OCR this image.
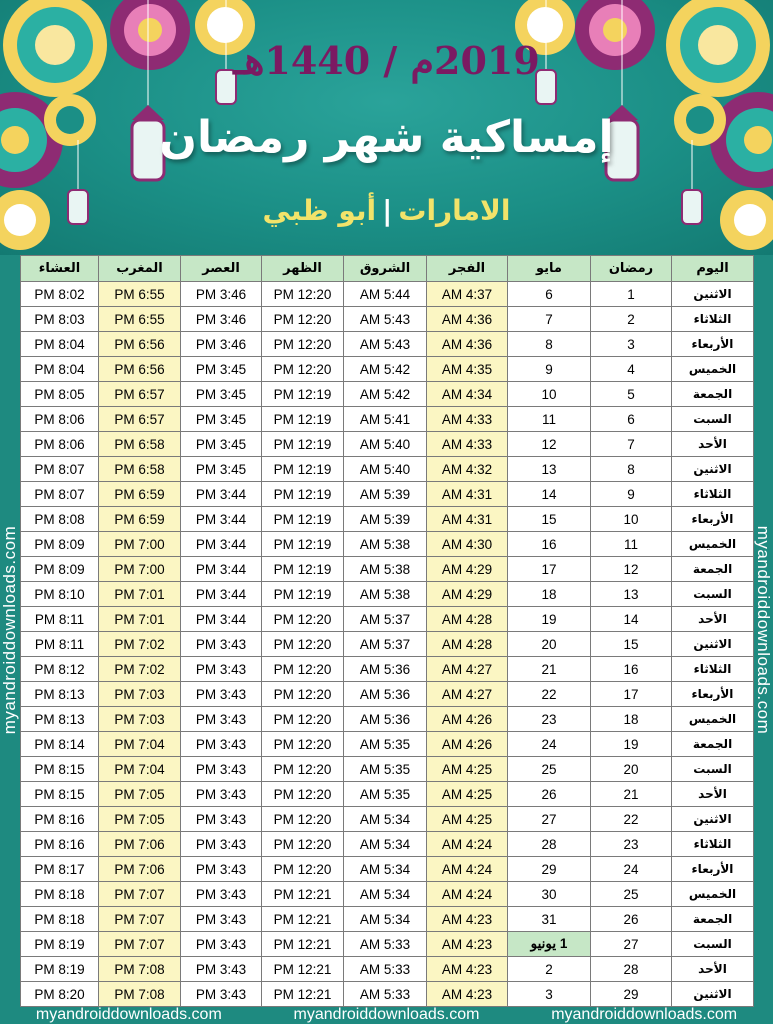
2019م / 1440هـ
إمساكية شهر رمضان
الامارات|أبو ظبي
myandroiddownloads.com	myandroiddownloads.com
اليوم	رمضان	مايو	الفجر	الشروق	الظهر	العصر	المغرب	العشاء
الاثنين	1	6	4:37 AM	5:44 AM	12:20 PM	3:46 PM	6:55 PM	8:02 PM
الثلاثاء	2	7	4:36 AM	5:43 AM	12:20 PM	3:46 PM	6:55 PM	8:03 PM
الأربعاء	3	8	4:36 AM	5:43 AM	12:20 PM	3:46 PM	6:56 PM	8:04 PM
الخميس	4	9	4:35 AM	5:42 AM	12:20 PM	3:45 PM	6:56 PM	8:04 PM
الجمعة	5	10	4:34 AM	5:42 AM	12:19 PM	3:45 PM	6:57 PM	8:05 PM
السبت	6	11	4:33 AM	5:41 AM	12:19 PM	3:45 PM	6:57 PM	8:06 PM
الأحد	7	12	4:33 AM	5:40 AM	12:19 PM	3:45 PM	6:58 PM	8:06 PM
الاثنين	8	13	4:32 AM	5:40 AM	12:19 PM	3:45 PM	6:58 PM	8:07 PM
الثلاثاء	9	14	4:31 AM	5:39 AM	12:19 PM	3:44 PM	6:59 PM	8:07 PM
الأربعاء	10	15	4:31 AM	5:39 AM	12:19 PM	3:44 PM	6:59 PM	8:08 PM
الخميس	11	16	4:30 AM	5:38 AM	12:19 PM	3:44 PM	7:00 PM	8:09 PM
الجمعة	12	17	4:29 AM	5:38 AM	12:19 PM	3:44 PM	7:00 PM	8:09 PM
السبت	13	18	4:29 AM	5:38 AM	12:19 PM	3:44 PM	7:01 PM	8:10 PM
الأحد	14	19	4:28 AM	5:37 AM	12:20 PM	3:44 PM	7:01 PM	8:11 PM
الاثنين	15	20	4:28 AM	5:37 AM	12:20 PM	3:43 PM	7:02 PM	8:11 PM
الثلاثاء	16	21	4:27 AM	5:36 AM	12:20 PM	3:43 PM	7:02 PM	8:12 PM
الأربعاء	17	22	4:27 AM	5:36 AM	12:20 PM	3:43 PM	7:03 PM	8:13 PM
الخميس	18	23	4:26 AM	5:36 AM	12:20 PM	3:43 PM	7:03 PM	8:13 PM
الجمعة	19	24	4:26 AM	5:35 AM	12:20 PM	3:43 PM	7:04 PM	8:14 PM
السبت	20	25	4:25 AM	5:35 AM	12:20 PM	3:43 PM	7:04 PM	8:15 PM
الأحد	21	26	4:25 AM	5:35 AM	12:20 PM	3:43 PM	7:05 PM	8:15 PM
الاثنين	22	27	4:25 AM	5:34 AM	12:20 PM	3:43 PM	7:05 PM	8:16 PM
الثلاثاء	23	28	4:24 AM	5:34 AM	12:20 PM	3:43 PM	7:06 PM	8:16 PM
الأربعاء	24	29	4:24 AM	5:34 AM	12:20 PM	3:43 PM	7:06 PM	8:17 PM
الخميس	25	30	4:24 AM	5:34 AM	12:21 PM	3:43 PM	7:07 PM	8:18 PM
الجمعة	26	31	4:23 AM	5:34 AM	12:21 PM	3:43 PM	7:07 PM	8:18 PM
السبت	27	1 يونيو	4:23 AM	5:33 AM	12:21 PM	3:43 PM	7:07 PM	8:19 PM
الأحد	28	2	4:23 AM	5:33 AM	12:21 PM	3:43 PM	7:08 PM	8:19 PM
الاثنين	29	3	4:23 AM	5:33 AM	12:21 PM	3:43 PM	7:08 PM	8:20 PM
myandroiddownloads.com	myandroiddownloads.com	myandroiddownloads.com
